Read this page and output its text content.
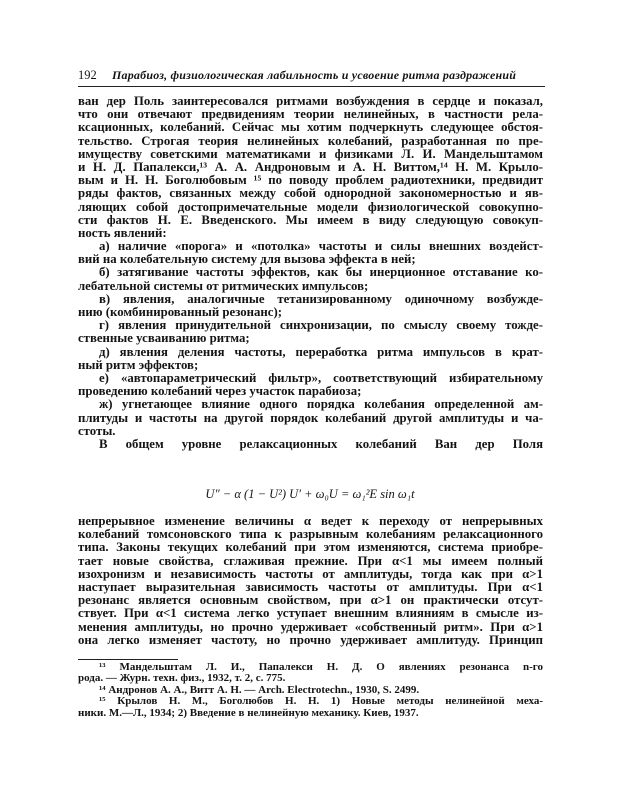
192 Парабиоз, физиологическая лабильность и усвоение ритма раздражений
ван дер Поль заинтересовался ритмами возбуждения в сердце и показал,
что они отвечают предвидениям теории нелинейных, в частности рела-
ксационных, колебаний. Сейчас мы хотим подчеркнуть следующее обстоя-
тельство. Строгая теория нелинейных колебаний, разработанная по пре-
имуществу советскими математиками и физиками Л. И. Мандельштамом
и Н. Д. Папалекси,¹³ А. А. Андроновым и А. Н. Виттом,¹⁴ Н. М. Крыло-
вым и Н. Н. Боголюбовым ¹⁵ по поводу проблем радиотехники, предвидит
ряды фактов, связанных между собой однородной закономерностью и яв-
ляющих собой достопримечательные модели физиологической совокупно-
сти фактов Н. Е. Введенского. Мы имеем в виду следующую совокуп-
ность явлений:
а) наличие «порога» и «потолка» частоты и силы внешних воздейст-
вий на колебательную систему для вызова эффекта в ней;
б) затягивание частоты эффектов, как бы инерционное отставание ко-
лебательной системы от ритмических импульсов;
в) явления, аналогичные тетанизированному одиночному возбужде-
нию (комбинированный резонанс);
г) явления принудительной синхронизации, по смыслу своему тожде-
ственные усваиванию ритма;
д) явления деления частоты, переработка ритма импульсов в крат-
ный ритм эффектов;
е) «автопараметрический фильтр», соответствующий избирательному
проведению колебаний через участок парабиоза;
ж) угнетающее влияние одного порядка колебания определенной ам-
плитуды и частоты на другой порядок колебаний другой амплитуды и ча-
стоты.
В общем уровне релаксационных колебаний Ван дер Поля
U″ − α (1 − U²) U′ + ω₀U = ω₁²E sin ω₁t
непрерывное изменение величины α ведет к переходу от непрерывных
колебаний томсоновского типа к разрывным колебаниям релаксационного
типа. Законы текущих колебаний при этом изменяются, система приобре-
тает новые свойства, сглаживая прежние. При α<1 мы имеем полный
изохронизм и независимость частоты от амплитуды, тогда как при α>1
наступает выразительная зависимость частоты от амплитуды. При α<1
резонанс является основным свойством, при α>1 он практически отсут-
ствует. При α<1 система легко уступает внешним влияниям в смысле из-
менения амплитуды, но прочно удерживает «собственный ритм». При α>1
она легко изменяет частоту, но прочно удерживает амплитуду. Принцип
¹³ Мандельштам Л. И., Папалекси Н. Д. О явлениях резонанса n-го
рода. — Журн. техн. физ., 1932, т. 2, с. 775.
¹⁴ Андронов А. А., Витт А. Н. — Arch. Electrotechn., 1930, S. 2499.
¹⁵ Крылов Н. М., Боголюбов Н. Н. 1) Новые методы нелинейной меха-
ники. М.—Л., 1934; 2) Введение в нелинейную механику. Киев, 1937.
